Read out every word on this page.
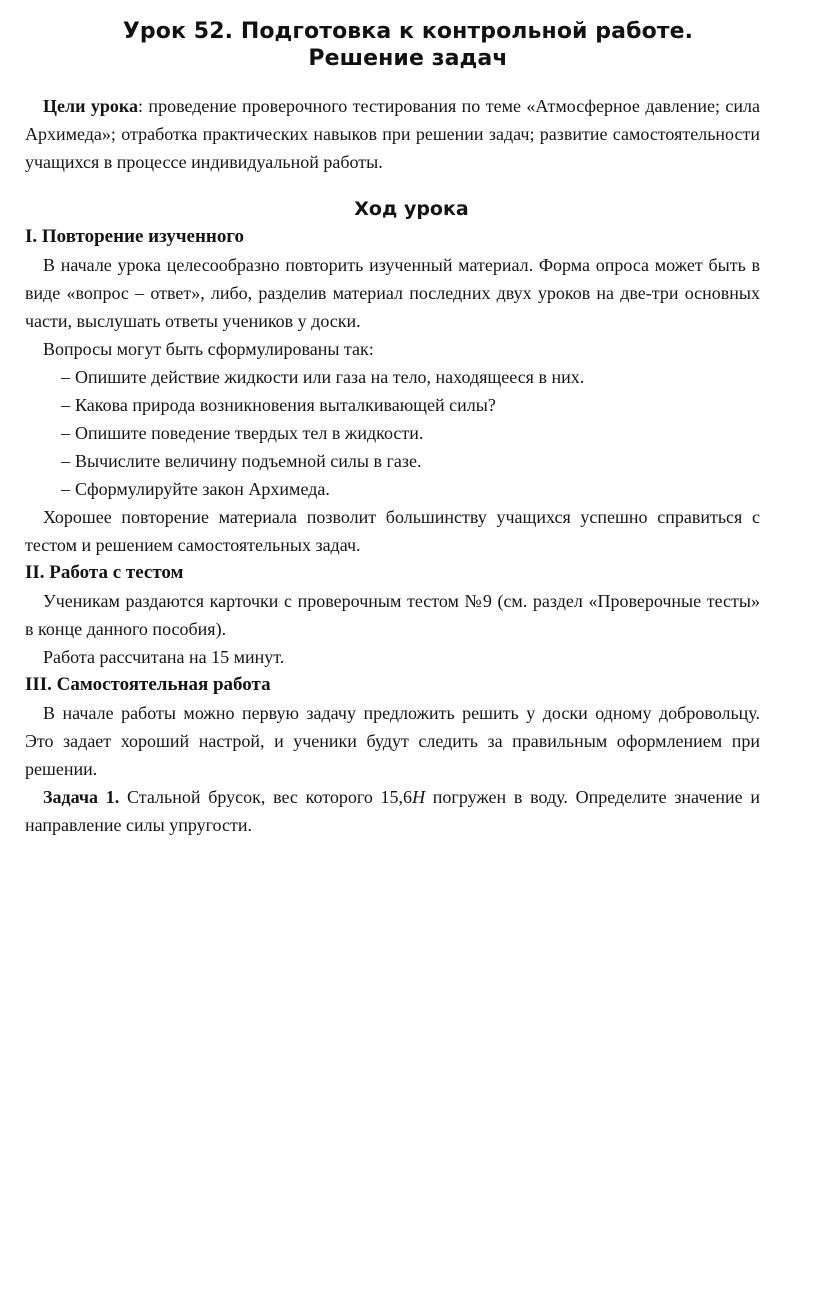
Урок 52. Подготовка к контрольной работе.
Решение задач

Цели урока: проведение проверочного тестирования по теме «Атмосферное давление; сила Архимеда»; отработка практических навыков при решении задач; развитие самостоятельности учащихся в процессе индивидуальной работы.

Ход урока

I. Повторение изученного

В начале урока целесообразно повторить изученный материал. Форма опроса может быть в виде «вопрос – ответ», либо, разделив материал последних двух уроков на две-три основных части, выслушать ответы учеников у доски.

Вопросы могут быть сформулированы так:

– Опишите действие жидкости или газа на тело, находящееся в них.
– Какова природа возникновения выталкивающей силы?
– Опишите поведение твердых тел в жидкости.
– Вычислите величину подъемной силы в газе.
– Сформулируйте закон Архимеда.

Хорошее повторение материала позволит большинству учащихся успешно справиться с тестом и решением самостоятельных задач.

II. Работа с тестом

Ученикам раздаются карточки с проверочным тестом №9 (см. раздел «Проверочные тесты» в конце данного пособия).

Работа рассчитана на 15 минут.

III. Самостоятельная работа

В начале работы можно первую задачу предложить решить у доски одному добровольцу. Это задает хороший настрой, и ученики будут следить за правильным оформлением при решении.

Задача 1. Стальной брусок, вес которого 15,6Н погружен в воду. Определите значение и направление силы упругости.
